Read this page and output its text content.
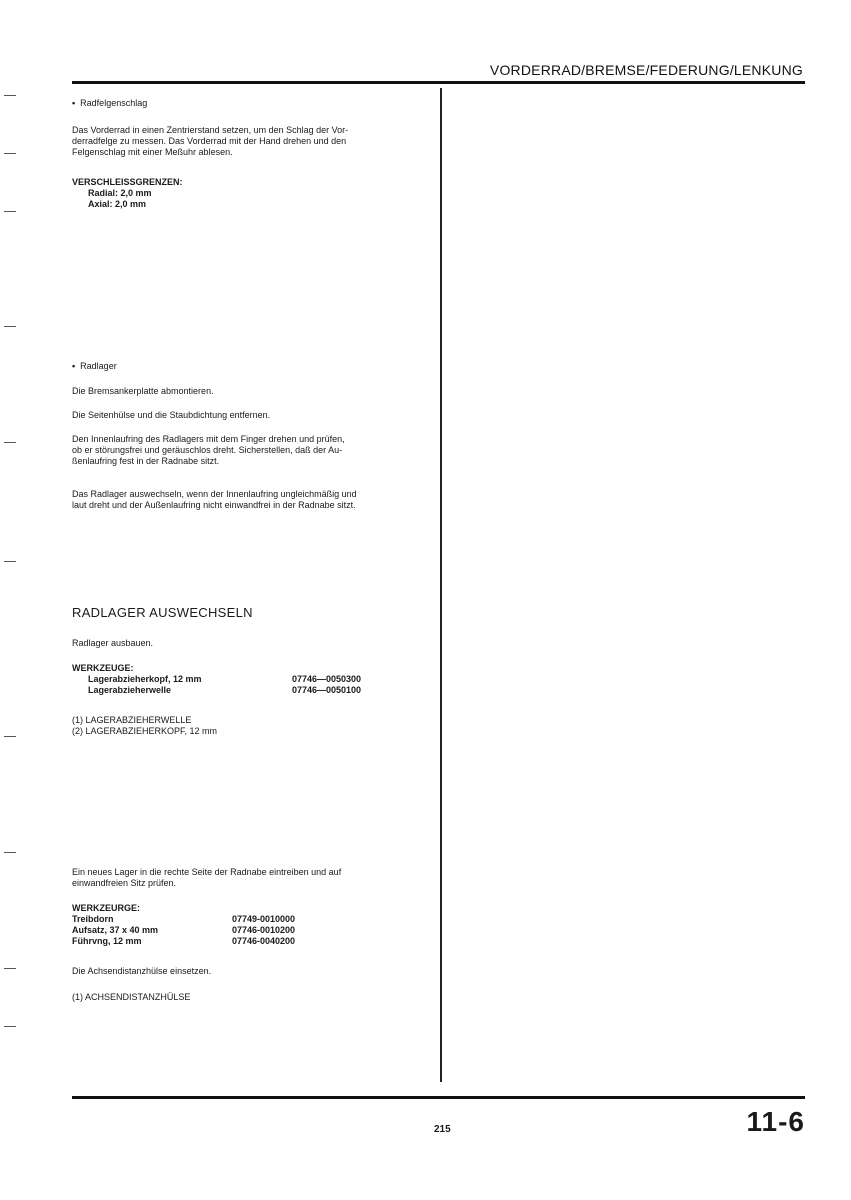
VORDERRAD/BREMSE/FEDERUNG/LENKUNG

• Radfelgenschlag

Das Vorderrad in einen Zentrierstand setzen, um den Schlag der Vor-

derradfelge zu messen. Das Vorderrad mit der Hand drehen und den

Felgenschlag mit einer Meßuhr ablesen.

VERSCHLEISSGRENZEN:

Radial: 2,0 mm

Axial: 2,0 mm

• Radlager

Die Bremsankerplatte abmontieren.

Die Seitenhülse und die Staubdichtung entfernen.

Den Innenlaufring des Radlagers mit dem Finger drehen und prüfen,

ob er störungsfrei und geräuschlos dreht. Sicherstellen, daß der Au-

ßenlaufring fest in der Radnabe sitzt.

Das Radlager auswechseln, wenn der Innenlaufring ungleichmäßig und

laut dreht und der Außenlaufring nicht einwandfrei in der Radnabe sitzt.

RADLAGER AUSWECHSELN

Radlager ausbauen.

WERKZEUGE:

Lagerabzieherkopf, 12 mm	07746—0050300
Lagerabzieherwelle	07746—0050100

(1) LAGERABZIEHERWELLE

(2) LAGERABZIEHERKOPF, 12 mm

Ein neues Lager in die rechte Seite der Radnabe eintreiben und auf

einwandfreien Sitz prüfen.

WERKZEURGE:

Treibdorn	07749-0010000
Aufsatz, 37 x 40 mm	07746-0010200
Führvng, 12 mm	07746-0040200

Die Achsendistanzhülse einsetzen.

(1) ACHSENDISTANZHÜLSE

215	11-6
